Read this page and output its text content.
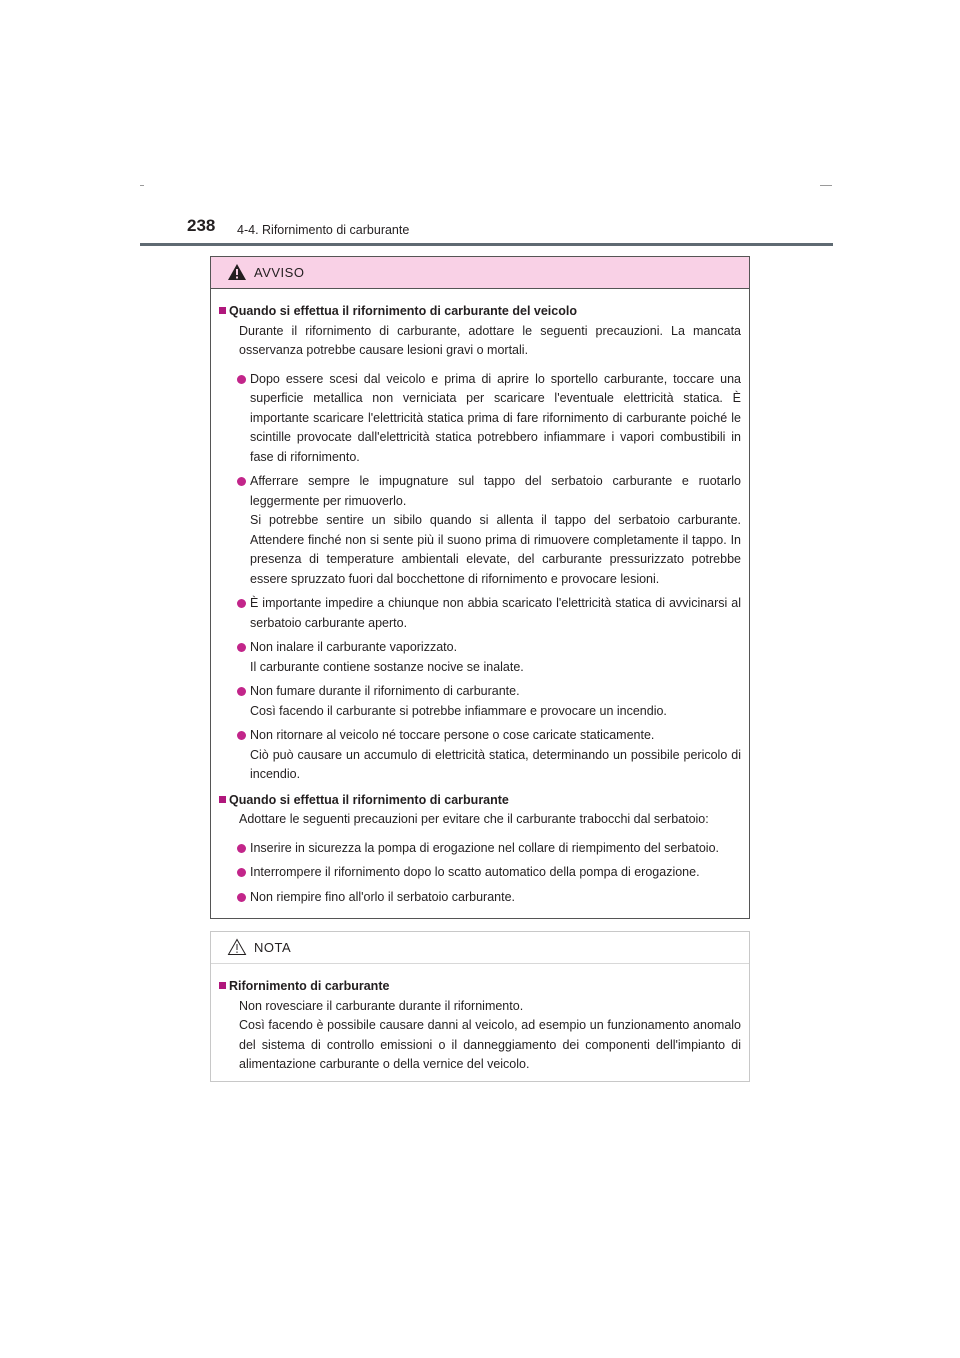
238 4-4. Rifornimento di carburante
AVVISO
Quando si effettua il rifornimento di carburante del veicolo

Durante il rifornimento di carburante, adottare le seguenti precauzioni. La mancata osservanza potrebbe causare lesioni gravi o mortali.

Dopo essere scesi dal veicolo e prima di aprire lo sportello carburante, toccare una superficie metallica non verniciata per scaricare l'eventuale elettricità statica. È importante scaricare l'elettricità statica prima di fare rifornimento di carburante poiché le scintille provocate dall'elettricità statica potrebbero infiammare i vapori combustibili in fase di rifornimento.
Afferrare sempre le impugnature sul tappo del serbatoio carburante e ruotarlo leggermente per rimuoverlo.
Si potrebbe sentire un sibilo quando si allenta il tappo del serbatoio carburante. Attendere finché non si sente più il suono prima di rimuovere completamente il tappo. In presenza di temperature ambientali elevate, del carburante pressurizzato potrebbe essere spruzzato fuori dal bocchettone di rifornimento e provocare lesioni.
È importante impedire a chiunque non abbia scaricato l'elettricità statica di avvicinarsi al serbatoio carburante aperto.
Non inalare il carburante vaporizzato.
Il carburante contiene sostanze nocive se inalate.
Non fumare durante il rifornimento di carburante.
Così facendo il carburante si potrebbe infiammare e provocare un incendio.
Non ritornare al veicolo né toccare persone o cose caricate staticamente.
Ciò può causare un accumulo di elettricità statica, determinando un possibile pericolo di incendio.
Quando si effettua il rifornimento di carburante

Adottare le seguenti precauzioni per evitare che il carburante trabocchi dal serbatoio:

Inserire in sicurezza la pompa di erogazione nel collare di riempimento del serbatoio.
Interrompere il rifornimento dopo lo scatto automatico della pompa di erogazione.
Non riempire fino all'orlo il serbatoio carburante.
NOTA
Rifornimento di carburante

Non rovesciare il carburante durante il rifornimento.

Così facendo è possibile causare danni al veicolo, ad esempio un funzionamento anomalo del sistema di controllo emissioni o il danneggiamento dei componenti dell'impianto di alimentazione carburante o della vernice del veicolo.
